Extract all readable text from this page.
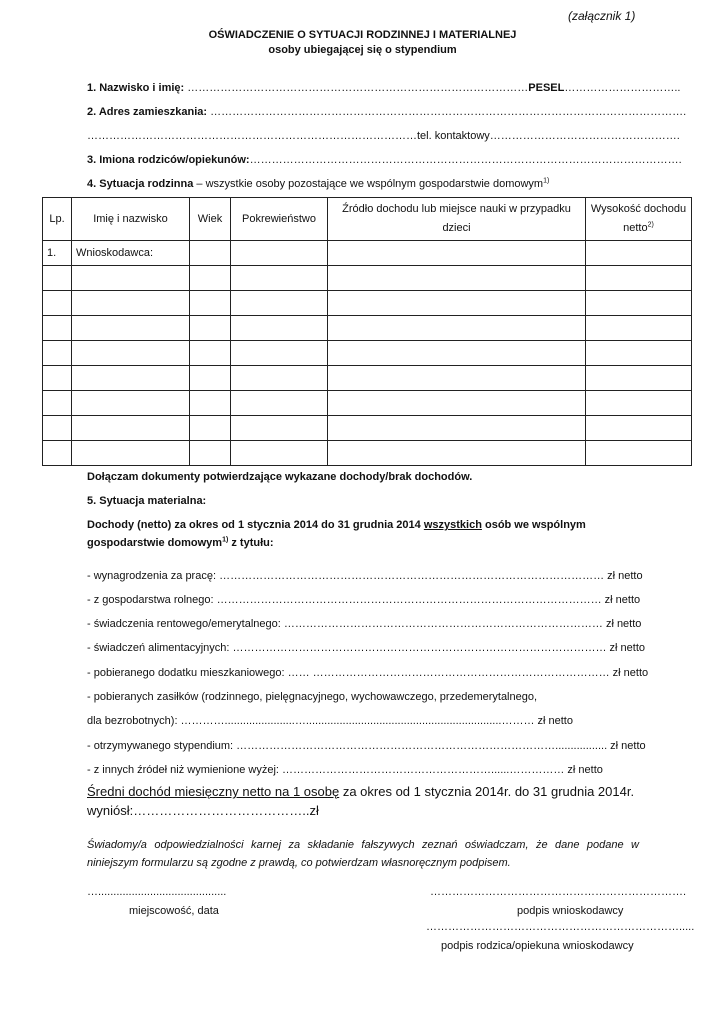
(załącznik 1)
OŚWIADCZENIE O SYTUACJI RODZINNEJ I MATERIALNEJ
osoby ubiegającej się o stypendium
1. Nazwisko i imię: …………………………………………………………………………………PESEL…………………………..
2. Adres zamieszkania: ………………………………………………………………………………………………………………….
………………………………………………………………………………tel. kontaktowy…………………………………………….
3. Imiona rodziców/opiekunów:……………………………………………………………………………………………………….
4. Sytuacja rodzinna – wszystkie osoby pozostające we wspólnym gospodarstwie domowym$^{1)}$
Lp.	Imię i nazwisko	Wiek	Pokrewieństwo	Źródło dochodu lub miejsce nauki w przypadku dzieci	Wysokość dochodu netto$^{2)}$
1.	Wnioskodawca:				

Dołączam dokumenty potwierdzające wykazane dochody/brak dochodów.
5. Sytuacja materialna:
Dochody (netto) za okres od 1 stycznia 2014 do 31 grudnia 2014 wszystkich osób we wspólnym
gospodarstwie domowym$^{1)}$ z tytułu:
- wynagrodzenia za pracę: …………………………………………………………………………………………… zł netto
- z gospodarstwa rolnego: …………………………………………………………………………………………… zł netto
- świadczenia rentowego/emerytalnego: …………………………………………………………………………… zł netto
- świadczeń alimentacyjnych: ………………………………………………………………………………………… zł netto
- pobieranego dodatku mieszkaniowego: …… ……………………………………………………………………… zł netto
- pobieranych zasiłków (rodzinnego, pielęgnacyjnego, wychowawczego, przedemerytalnego,
dla bezrobotnych): ………….......................…................................................................……… zł netto
- otrzymywanego stypendium: ……………………………………………………………………………................. zł netto
- z innych źródeł niż wymienione wyżej: …………………………………………………......…………… zł netto
Średni dochód miesięczny netto na 1 osobę za okres od 1 stycznia 2014r. do 31 grudnia 2014r.
wyniósł:…………………………………..zł
Świadomy/a odpowiedzialności karnej za składanie fałszywych zeznań oświadczam, że dane podane w niniejszym formularzu są zgodne z prawdą, co potwierdzam własnoręcznym podpisem.
…..........................................
miejscowość, data
…………………………………………………………….
podpis wnioskodawcy
…………………………………………………………….....
podpis rodzica/opiekuna wnioskodawcy
